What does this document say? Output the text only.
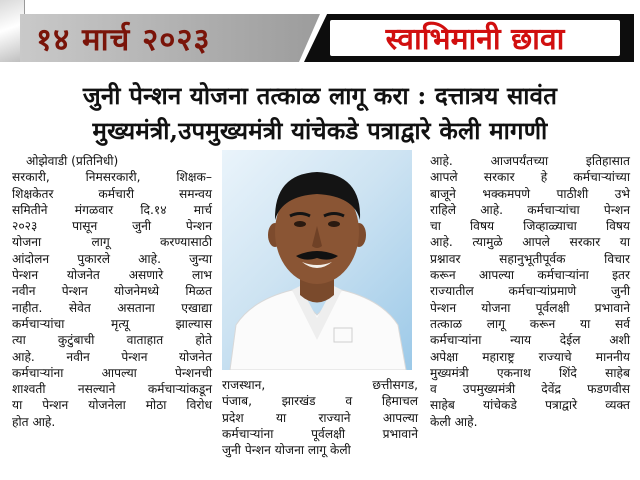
१४ मार्च २०२३	स्वाभिमानी छावा
जुनी पेन्शन योजना तत्काळ लागू करा : दत्तात्रय सावंत
मुख्यमंत्री,उपमुख्यमंत्री यांचेकडे पत्राद्वारे केली मागणी
ओझेवाडी (प्रतिनिधी)
सरकारी, निमसरकारी, शिक्षक–
शिक्षकेतर कर्मचारी समन्वय
समितीने मंगळवार दि.१४ मार्च
२०२३ पासून जुनी पेन्शन
योजना लागू करण्यासाठी
आंदोलन पुकारले आहे. जुन्या
पेन्शन योजनेत असणारे लाभ
नवीन पेन्शन योजनेमध्ये मिळत
नाहीत. सेवेत असताना एखाद्या
कर्मचाऱ्यांचा मृत्यू झाल्यास
त्या कुटुंबाची वाताहात होते
आहे. नवीन पेन्शन योजनेत
कर्मचाऱ्यांना आपल्या पेन्शनची
शाश्वती नसल्याने कर्मचाऱ्यांकडून
या पेन्शन योजनेला मोठा विरोध
होत आहे.
राजस्थान, छत्तीसगड,
पंजाब, झारखंड व हिमाचल
प्रदेश या राज्याने आपल्या
कर्मचाऱ्यांना पूर्वलक्षी प्रभावाने
जुनी पेन्शन योजना लागू केली
आहे. आजपर्यंतच्या इतिहासात
आपले सरकार हे कर्मचाऱ्यांच्या
बाजूने भक्कमपणे पाठीशी उभे
राहिले आहे. कर्मचाऱ्यांचा पेन्शन
चा विषय जिव्हाळ्याचा विषय
आहे. त्यामुळे आपले सरकार या
प्रश्नावर सहानुभूतीपूर्वक विचार
करून आपल्या कर्मचाऱ्यांना इतर
राज्यातील कर्मचाऱ्यांप्रमाणे जुनी
पेन्शन योजना पूर्वलक्षी प्रभावाने
तत्काळ लागू करून या सर्व
कर्मचाऱ्यांना न्याय देईल अशी
अपेक्षा महाराष्ट्र राज्याचे माननीय
मुख्यमंत्री एकनाथ शिंदे साहेब
व उपमुख्यमंत्री देवेंद्र फडणवीस
साहेब यांचेकडे पत्राद्वारे व्यक्त
केली आहे.
